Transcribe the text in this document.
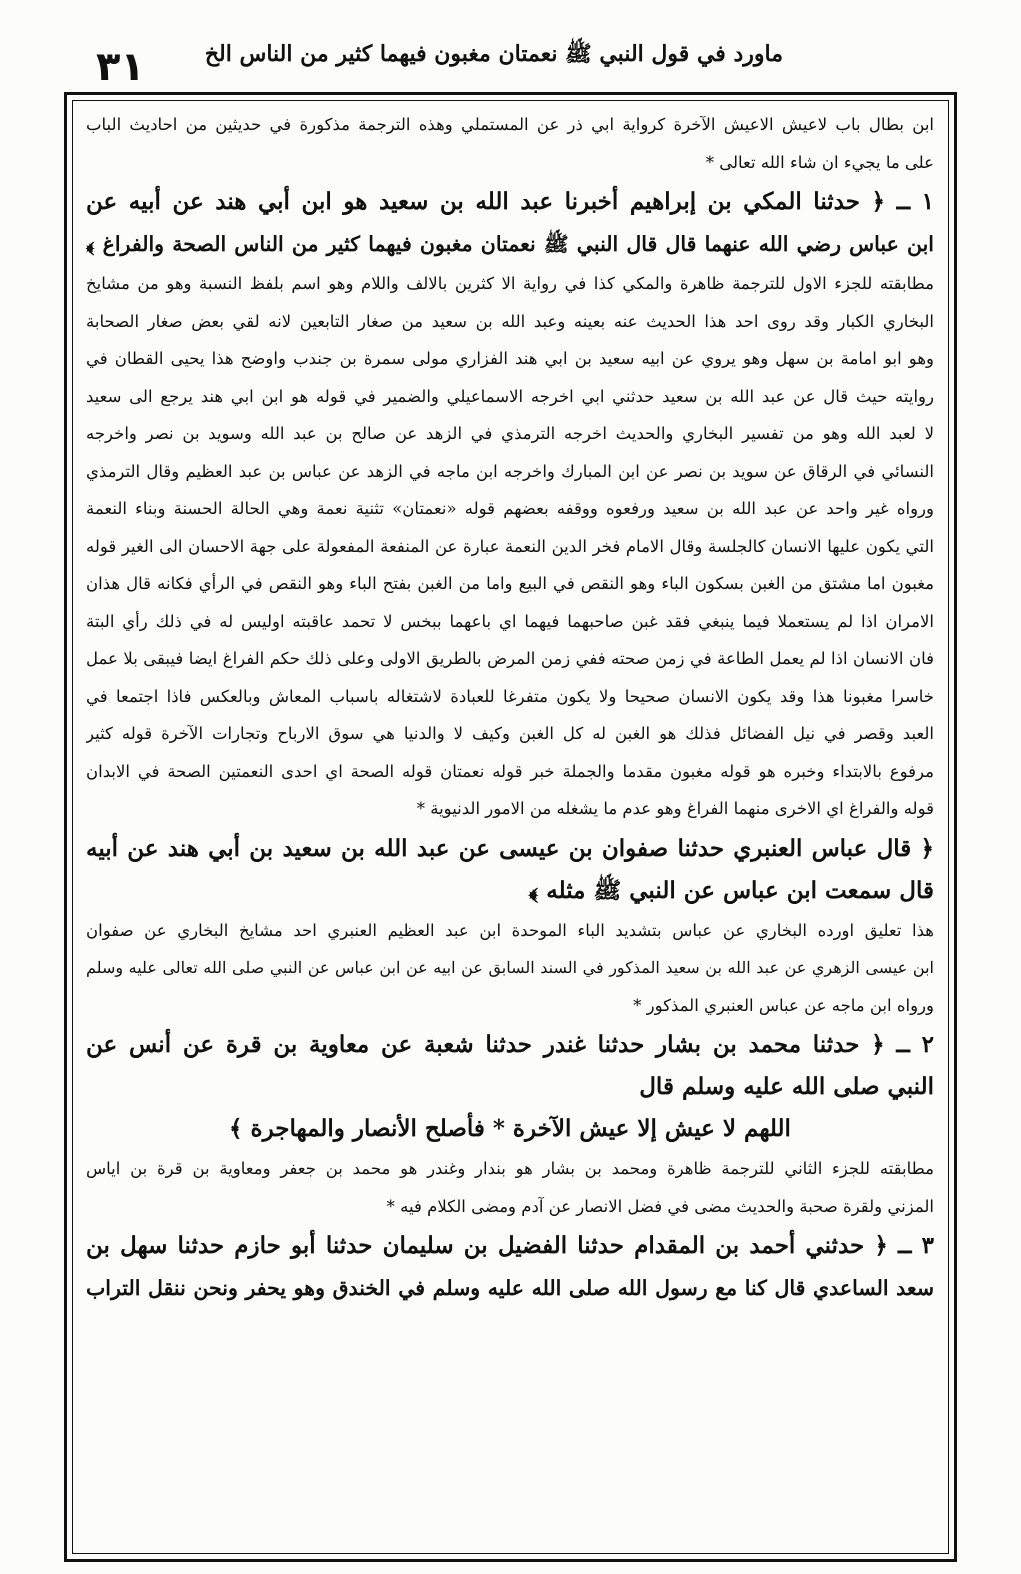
٣١	ماورد في قول النبي ﷺ نعمتان مغبون فيهما كثير من الناس الخ
ابن بطال باب لاعيش الاعيش الآخرة كرواية ابي ذر عن المستملي وهذه الترجمة مذكورة في حديثين من احاديث الباب
على ما يجيء ان شاء الله تعالى *
١ ــ ﴿ حدثنا المكي بن إبراهيم أخبرنا عبد الله بن سعيد هو ابن أبي هند عن أبيه عن
ابن عباس رضي الله عنهما قال قال النبي ﷺ نعمتان مغبون فيهما كثير من الناس الصحة والفراغ ﴾
مطابقته للجزء الاول للترجمة ظاهرة والمكي كذا في رواية الا كثرين بالالف واللام وهو اسم بلفظ النسبة وهو من مشايخ
البخاري الكبار وقد روى احد هذا الحديث عنه بعينه وعبد الله بن سعيد من صغار التابعين لانه لقي بعض صغار الصحابة
وهو ابو امامة بن سهل وهو يروي عن ابيه سعيد بن ابي هند الفزاري مولى سمرة بن جندب واوضح هذا يحيى القطان في
روايته حيث قال عن عبد الله بن سعيد حدثني ابي اخرجه الاسماعيلي والضمير في قوله هو ابن ابي هند يرجع الى سعيد
لا لعبد الله وهو من تفسير البخاري والحديث اخرجه الترمذي في الزهد عن صالح بن عبد الله وسويد بن نصر واخرجه
النسائي في الرقاق عن سويد بن نصر عن ابن المبارك واخرجه ابن ماجه في الزهد عن عباس بن عبد العظيم وقال الترمذي
ورواه غير واحد عن عبد الله بن سعيد ورفعوه ووقفه بعضهم قوله «نعمتان» تثنية نعمة وهي الحالة الحسنة وبناء النعمة
التي يكون عليها الانسان كالجلسة وقال الامام فخر الدين النعمة عبارة عن المنفعة المفعولة على جهة الاحسان الى الغير قوله
مغبون اما مشتق من الغبن بسكون الباء وهو النقص في البيع واما من الغبن بفتح الباء وهو النقص في الرأي فكانه قال هذان
الامران اذا لم يستعملا فيما ينبغي فقد غبن صاحبهما فيهما اي باعهما ببخس لا تحمد عاقبته اوليس له في ذلك رأي البتة
فان الانسان اذا لم يعمل الطاعة في زمن صحته ففي زمن المرض بالطريق الاولى وعلى ذلك حكم الفراغ ايضا فيبقى بلا عمل
خاسرا مغبونا هذا وقد يكون الانسان صحيحا ولا يكون متفرغا للعبادة لاشتغاله باسباب المعاش وبالعكس فاذا اجتمعا في
العبد وقصر في نيل الفضائل فذلك هو الغبن له كل الغبن وكيف لا والدنيا هي سوق الارباح وتجارات الآخرة قوله كثير
مرفوع بالابتداء وخبره هو قوله مغبون مقدما والجملة خبر قوله نعمتان قوله الصحة اي احدى النعمتين الصحة في الابدان
قوله والفراغ اي الاخرى منهما الفراغ وهو عدم ما يشغله من الامور الدنيوية *
﴿ قال عباس العنبري حدثنا صفوان بن عيسى عن عبد الله بن سعيد بن أبي هند عن أبيه
قال سمعت ابن عباس عن النبي ﷺ مثله ﴾
هذا تعليق اورده البخاري عن عباس بتشديد الباء الموحدة ابن عبد العظيم العنبري احد مشايخ البخاري عن صفوان
ابن عيسى الزهري عن عبد الله بن سعيد المذكور في السند السابق عن ابيه عن ابن عباس عن النبي صلى الله تعالى عليه وسلم
ورواه ابن ماجه عن عباس العنبري المذكور *
٢ ــ ﴿ حدثنا محمد بن بشار حدثنا غندر حدثنا شعبة عن معاوية بن قرة عن أنس عن
النبي صلى الله عليه وسلم قال
اللهم لا عيش إلا عيش الآخرة * فأصلح الأنصار والمهاجرة ﴾
مطابقته للجزء الثاني للترجمة ظاهرة ومحمد بن بشار هو بندار وغندر هو محمد بن جعفر ومعاوية بن قرة بن اياس
المزني ولقرة صحبة والحديث مضى في فضل الانصار عن آدم ومضى الكلام فيه *
٣ ــ ﴿ حدثني أحمد بن المقدام حدثنا الفضيل بن سليمان حدثنا أبو حازم حدثنا سهل بن
سعد الساعدي قال كنا مع رسول الله صلى الله عليه وسلم في الخندق وهو يحفر ونحن ننقل التراب
